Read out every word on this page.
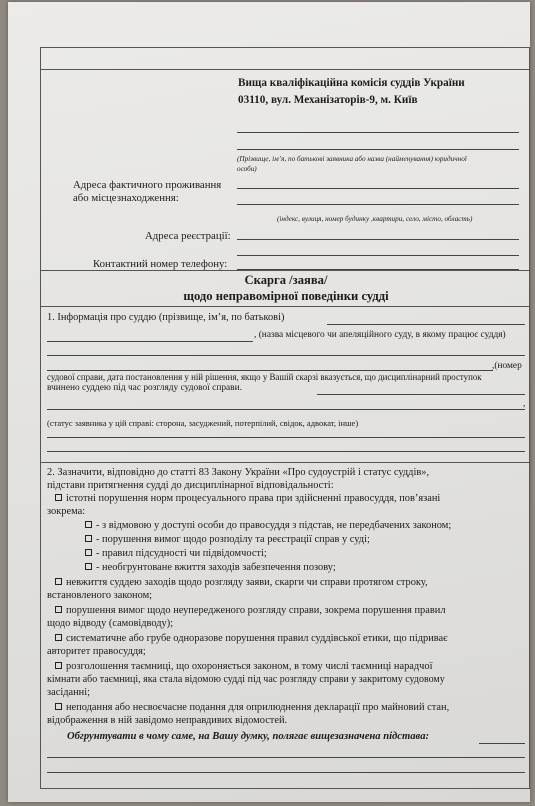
Вища кваліфікаційна комісія суддів України
03110, вул. Механізаторів-9, м. Київ
(Прізвище, ім’я, по батькові заявника або назва (найменування) юридичної
особи)
Адреса фактичного проживання
або місцезнаходження:
(індекс, вулиця, номер будинку ,квартири, село, місто, область)
Адреса реєстрації:
Контактний номер телефону:
Скарга /заява/
щодо неправомірної поведінки судді
1. Інформація про суддю (прізвище, ім’я, по батькові)
, (назва місцевого чи апеляційного суду, в якому працює суддя)
,(номер
судової справи, дата постановлення у ній рішення, якщо у Вашій скарзі вказується, що дисциплінарний проступок
вчинено суддею під час розгляду судової справи.
,
(статус заявника у цій справі: сторона, засуджений, потерпілий, свідок, адвокат, інше)
2. Зазначити, відповідно до статті 83 Закону України «Про судоустрій і статус суддів»,
підстави притягнення судді до дисциплінарної відповідальності:
істотні порушення норм процесуального права при здійсненні правосуддя, пов’язані
зокрема:
- з відмовою у доступі особи до правосуддя з підстав, не передбачених законом;
- порушення вимог щодо розподілу та реєстрації справ у суді;
- правил підсудності чи підвідомчості;
- необгрунтоване вжиття заходів забезпечення позову;
невжиття суддею заходів щодо розгляду заяви, скарги чи справи протягом строку,
встановленого законом;
порушення вимог щодо неупередженого розгляду справи, зокрема порушення правил
щодо відводу (самовідводу);
систематичне або грубе одноразове порушення правил суддівської етики, що підриває
авторитет правосуддя;
розголошення таємниці, що охороняється законом, в тому числі таємниці нарадчої
кімнати або таємниці, яка стала відомою судді під час розгляду справи у закритому судовому
засіданні;
неподання або несвоєчасне подання для оприлюднення декларації про майновий стан,
відображення в ній завідомо неправдивих відомостей.
Обгрунтувати в чому саме, на Вашу думку, полягає вищезазначена підстава:
